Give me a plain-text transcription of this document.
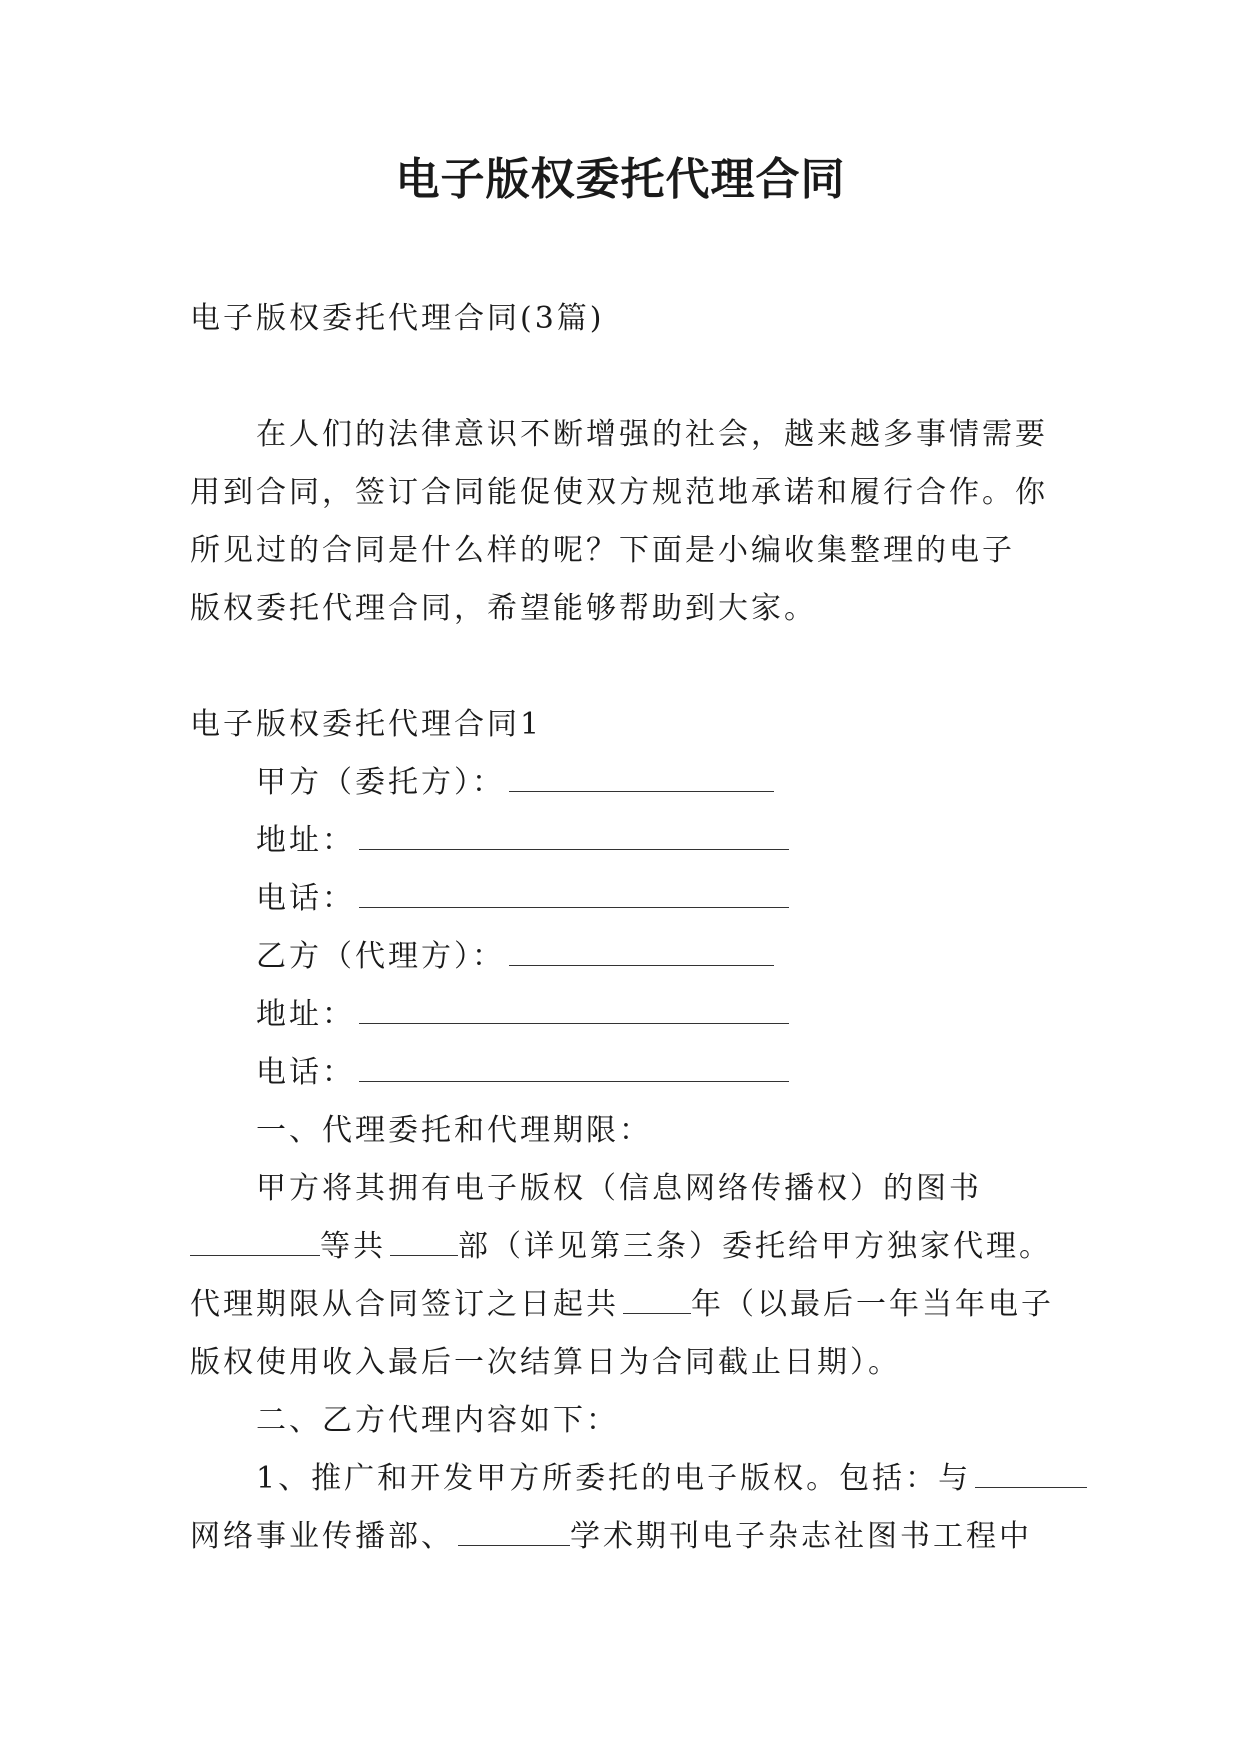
电子版权委托代理合同

电子版权委托代理合同(3篇)

在人们的法律意识不断增强的社会，越来越多事情需要

用到合同，签订合同能促使双方规范地承诺和履行合作。你

所见过的合同是什么样的呢？下面是小编收集整理的电子

版权委托代理合同，希望能够帮助到大家。

电子版权委托代理合同1

甲方（委托方）：

地址：

电话：

乙方（代理方）：

地址：

电话：

一、代理委托和代理期限：

甲方将其拥有电子版权（信息网络传播权）的图书

等共 部（详见第三条）委托给甲方独家代理。

代理期限从合同签订之日起共 年（以最后一年当年电子

版权使用收入最后一次结算日为合同截止日期）。

二、乙方代理内容如下：

1、推广和开发甲方所委托的电子版权。包括：与

网络事业传播部、	学术期刊电子杂志社图书工程中
